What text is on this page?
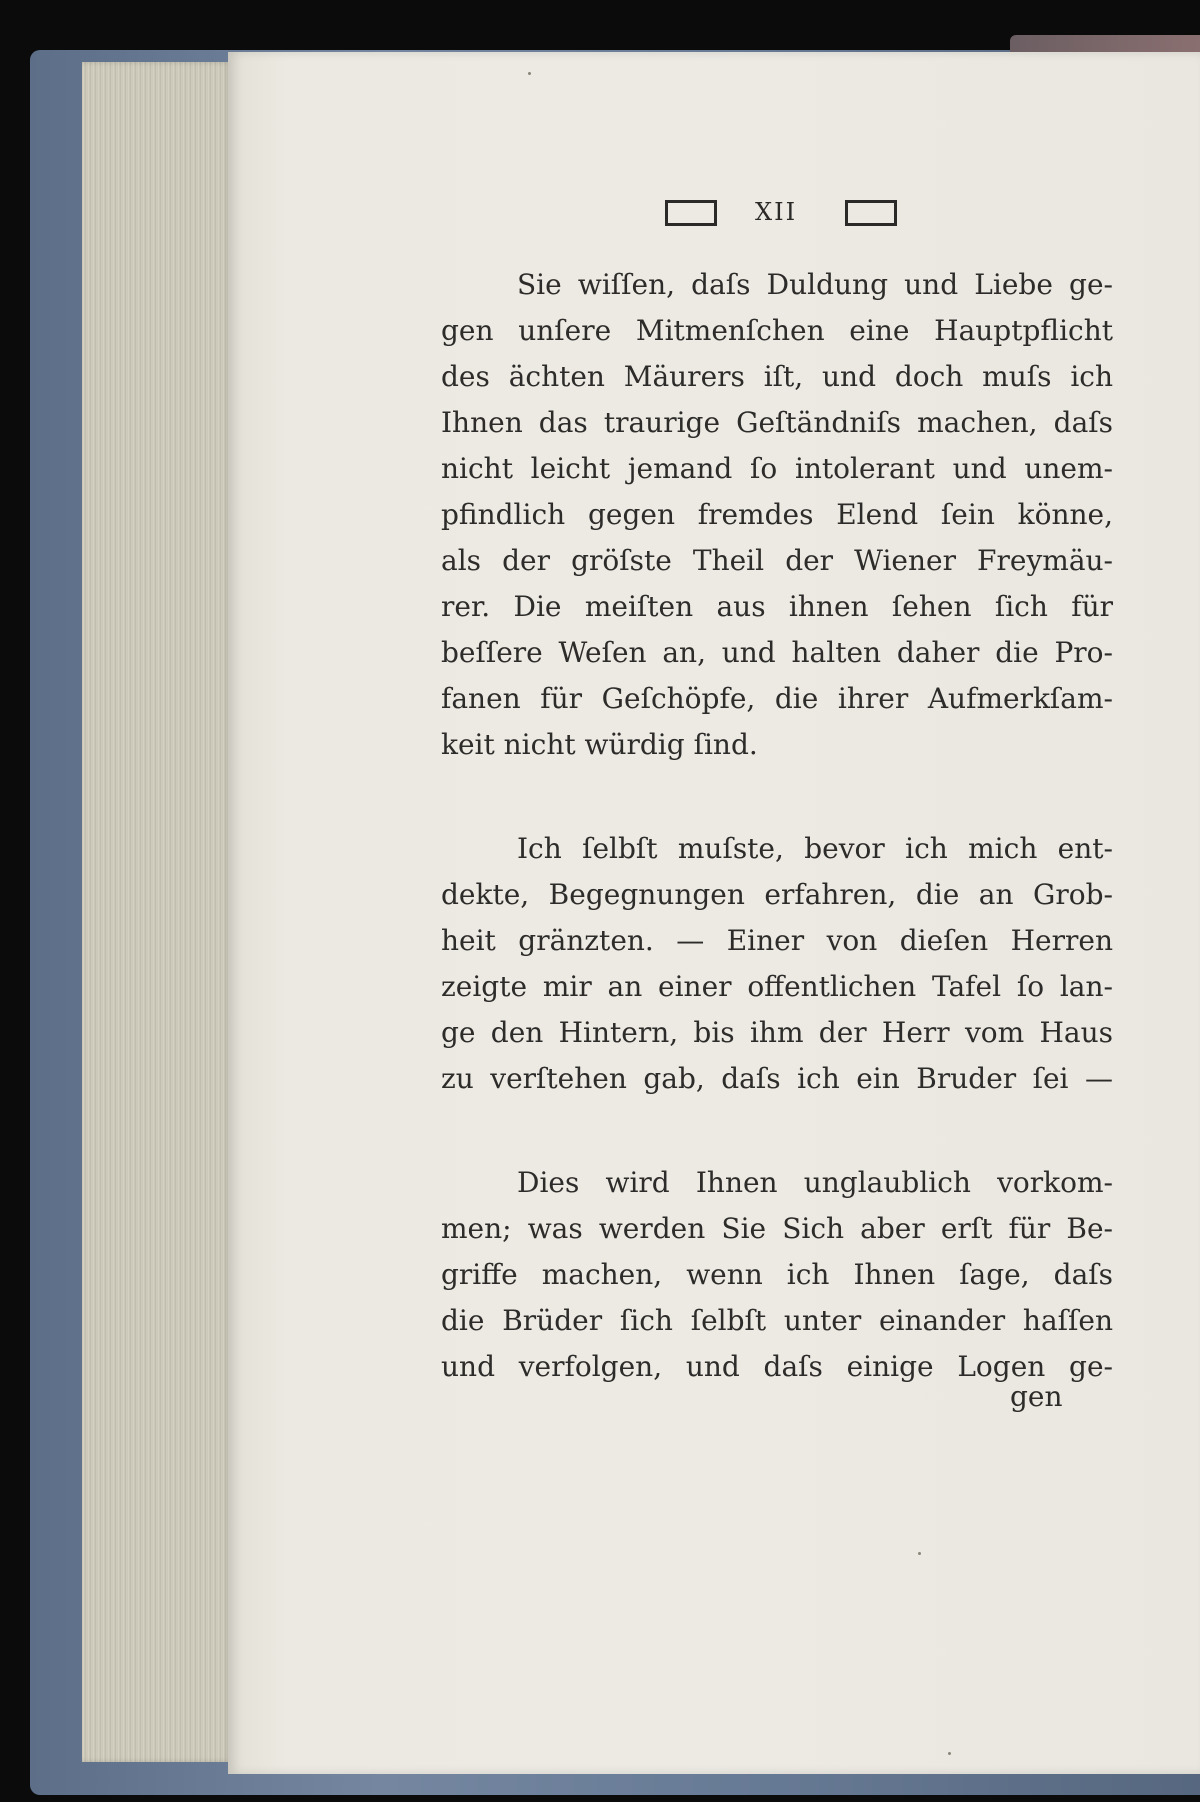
XII

Sie wiſſen, daſs Duldung und Liebe ge-
gen unſere Mitmenſchen eine Hauptpflicht
des ächten Mäurers iſt, und doch muſs ich
Ihnen das traurige Geſtändniſs machen, daſs
nicht leicht jemand ſo intolerant und unem-
pfindlich gegen fremdes Elend ſein könne,
als der gröſste Theil der Wiener Freymäu-
rer. Die meiſten aus ihnen ſehen ſich für
beſſere Weſen an, und halten daher die Pro-
fanen für Geſchöpfe, die ihrer Aufmerkſam-
keit nicht würdig ſind.

Ich ſelbſt muſste, bevor ich mich ent-
dekte, Begegnungen erfahren, die an Grob-
heit gränzten. — Einer von dieſen Herren
zeigte mir an einer offentlichen Tafel ſo lan-
ge den Hintern, bis ihm der Herr vom Haus
zu verſtehen gab, daſs ich ein Bruder ſei —

Dies wird Ihnen unglaublich vorkom-
men; was werden Sie Sich aber erſt für Be-
griffe machen, wenn ich Ihnen ſage, daſs
die Brüder ſich ſelbſt unter einander haſſen
und verfolgen, und daſs einige Logen ge-

gen
